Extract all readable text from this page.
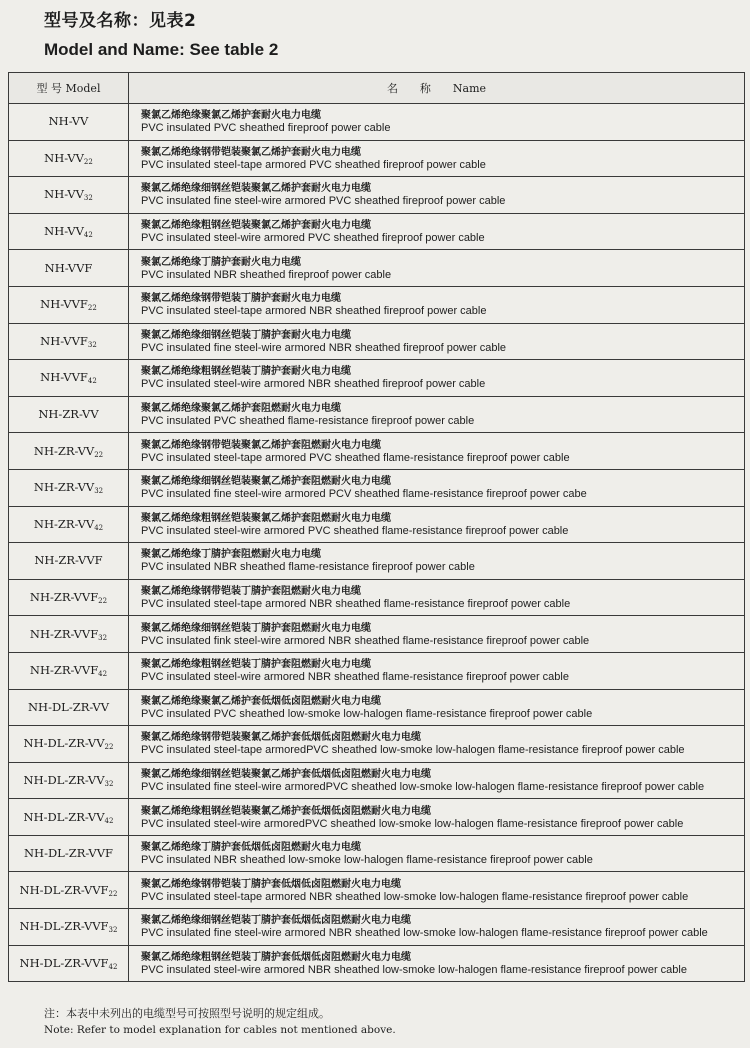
型号及名称：见表2
Model and Name: See table 2
型 号 Model	名　　称　　Name
NH-VV	聚氯乙烯绝缘聚氯乙烯护套耐火电力电缆
PVC insulated PVC sheathed fireproof power cable

$NH-VV_{22}$	聚氯乙烯绝缘钢带铠装聚氯乙烯护套耐火电力电缆
PVC insulated steel-tape armored PVC sheathed fireproof power cable

$NH-VV_{32}$	聚氯乙烯绝缘细钢丝铠装聚氯乙烯护套耐火电力电缆
PVC insulated fine steel-wire armored PVC sheathed fireproof power cable

$NH-VV_{42}$	聚氯乙烯绝缘粗钢丝铠装聚氯乙烯护套耐火电力电缆
PVC insulated steel-wire armored PVC sheathed fireproof power cable

NH-VVF	聚氯乙烯绝缘丁腈护套耐火电力电缆
PVC insulated NBR sheathed fireproof power cable

$NH-VVF_{22}$	聚氯乙烯绝缘钢带铠装丁腈护套耐火电力电缆
PVC insulated steel-tape armored NBR sheathed fireproof power cable

$NH-VVF_{32}$	聚氯乙烯绝缘细钢丝铠装丁腈护套耐火电力电缆
PVC insulated fine steel-wire armored NBR sheathed fireproof power cable

$NH-VVF_{42}$	聚氯乙烯绝缘粗钢丝铠装丁腈护套耐火电力电缆
PVC insulated steel-wire armored NBR sheathed fireproof power cable

NH-ZR-VV	聚氯乙烯绝缘聚氯乙烯护套阻燃耐火电力电缆
PVC insulated PVC sheathed flame-resistance fireproof power cable

$NH-ZR-VV_{22}$	聚氯乙烯绝缘钢带铠装聚氯乙烯护套阻燃耐火电力电缆
PVC insulated steel-tape armored PVC sheathed flame-resistance fireproof power cable

$NH-ZR-VV_{32}$	聚氯乙烯绝缘细钢丝铠装聚氯乙烯护套阻燃耐火电力电缆
PVC insulated fine steel-wire armored PCV sheathed flame-resistance fireproof power cabe

$NH-ZR-VV_{42}$	聚氯乙烯绝缘粗钢丝铠装聚氯乙烯护套阻燃耐火电力电缆
PVC insulated steel-wire armored PVC sheathed flame-resistance fireproof power cable

NH-ZR-VVF	聚氯乙烯绝缘丁腈护套阻燃耐火电力电缆
PVC insulated NBR sheathed flame-resistance fireproof power cable

$NH-ZR-VVF_{22}$	聚氯乙烯绝缘钢带铠装丁腈护套阻燃耐火电力电缆
PVC insulated steel-tape armored NBR sheathed flame-resistance fireproof power cable

$NH-ZR-VVF_{32}$	聚氯乙烯绝缘细钢丝铠装丁腈护套阻燃耐火电力电缆
PVC insulated fink steel-wire armored NBR sheathed flame-resistance fireproof power cable

$NH-ZR-VVF_{42}$	聚氯乙烯绝缘粗钢丝铠装丁腈护套阻燃耐火电力电缆
PVC insulated steel-wire armored NBR sheathed flame-resistance fireproof power cable

NH-DL-ZR-VV	聚氯乙烯绝缘聚氯乙烯护套低烟低卤阻燃耐火电力电缆
PVC insulated PVC sheathed low-smoke low-halogen flame-resistance fireproof power cable

$NH-DL-ZR-VV_{22}$	聚氯乙烯绝缘钢带铠装聚氯乙烯护套低烟低卤阻燃耐火电力电缆
PVC insulated steel-tape armoredPVC sheathed low-smoke low-halogen flame-resistance fireproof power cable

$NH-DL-ZR-VV_{32}$	聚氯乙烯绝缘细钢丝铠装聚氯乙烯护套低烟低卤阻燃耐火电力电缆
PVC insulated fine steel-wire armoredPVC sheathed low-smoke low-halogen flame-resistance fireproof power cable

$NH-DL-ZR-VV_{42}$	聚氯乙烯绝缘粗钢丝铠装聚氯乙烯护套低烟低卤阻燃耐火电力电缆
PVC insulated steel-wire armoredPVC sheathed low-smoke low-halogen flame-resistance fireproof power cable

NH-DL-ZR-VVF	聚氯乙烯绝缘丁腈护套低烟低卤阻燃耐火电力电缆
PVC insulated NBR sheathed low-smoke low-halogen flame-resistance fireproof power cable

$NH-DL-ZR-VVF_{22}$	聚氯乙烯绝缘钢带铠装丁腈护套低烟低卤阻燃耐火电力电缆
PVC insulated steel-tape armored NBR sheathed low-smoke low-halogen flame-resistance fireproof power cable

$NH-DL-ZR-VVF_{32}$	聚氯乙烯绝缘细钢丝铠装丁腈护套低烟低卤阻燃耐火电力电缆
PVC insulated fine steel-wire armored NBR sheathed low-smoke low-halogen flame-resistance fireproof power cable

$NH-DL-ZR-VVF_{42}$	聚氯乙烯绝缘粗钢丝铠装丁腈护套低烟低卤阻燃耐火电力电缆
PVC insulated steel-wire armored NBR sheathed low-smoke low-halogen flame-resistance fireproof power cable
注：本表中未列出的电缆型号可按照型号说明的规定组成。
Note: Refer to model explanation for cables not mentioned above.
